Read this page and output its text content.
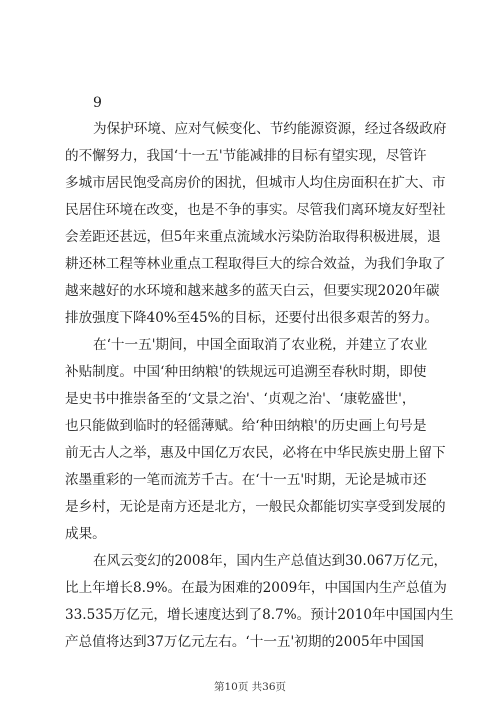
9
为保护环境、应对气候变化、节约能源资源，经过各级政府
的不懈努力，我国‘十一五'节能减排的目标有望实现，尽管许
多城市居民饱受高房价的困扰，但城市人均住房面积在扩大、市
民居住环境在改变，也是不争的事实。尽管我们离环境友好型社
会差距还甚远，但5年来重点流域水污染防治取得积极进展，退
耕还林工程等林业重点工程取得巨大的综合效益，为我们争取了
越来越好的水环境和越来越多的蓝天白云，但要实现2020年碳
排放强度下降40%至45%的目标，还要付出很多艰苦的努力。
在‘十一五'期间，中国全面取消了农业税，并建立了农业
补贴制度。中国‘种田纳粮'的铁规远可追溯至春秋时期，即使
是史书中推崇备至的‘文景之治'、‘贞观之治'、‘康乾盛世'，
也只能做到临时的轻徭薄赋。给‘种田纳粮'的历史画上句号是
前无古人之举，惠及中国亿万农民，必将在中华民族史册上留下
浓墨重彩的一笔而流芳千古。在‘十一五'时期，无论是城市还
是乡村，无论是南方还是北方，一般民众都能切实享受到发展的
成果。
在风云变幻的2008年，国内生产总值达到30.067万亿元，
比上年增长8.9%。在最为困难的2009年，中国国内生产总值为
33.535万亿元，增长速度达到了8.7%。预计2010年中国国内生
产总值将达到37万亿元左右。‘十一五'初期的2005年中国国
第10页 共36页
